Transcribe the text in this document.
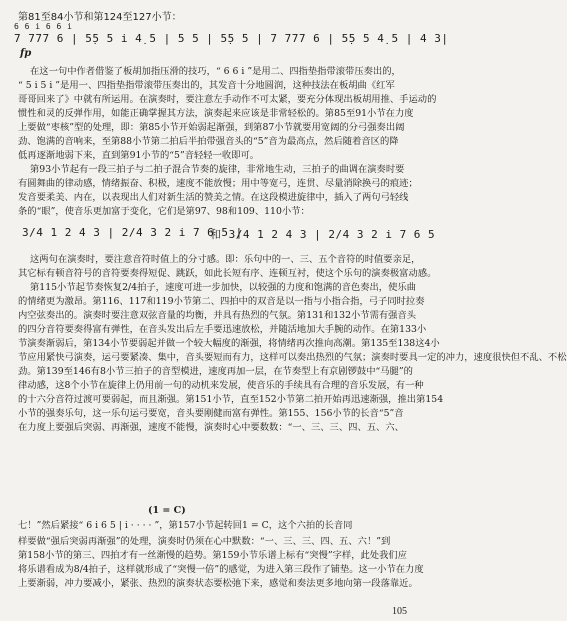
第81至84小节和第124至127小节：
6 6 i 6 6 i
7 777 6 | 5̣5 5 i 4̣ 5 | 5 5 | 5̣5 5 | 7 777 6 | 5̣5 5 4̣ 5 | 4 3|
fp
在这一句中作者借鉴了板胡加指压滑的技巧，“ 6 6 i ”是用二、四指垫指带滚带压奏出的，
“ 5 i 5 i ”是用一、四指垫指带滚带压奏出的，其发音十分地圆润，这种技法在板胡曲《红军
哥哥回来了》中就有所运用。在演奏时，要注意左手动作不可太紧，要充分体现出板胡用推、手运动的
惯性和灵的反弹作用，如能正确掌握其方法，演奏起来应该是非常轻松的。第85至91小节在力度
上要做“枣核”型的处理，即：第85小节开始弱起渐强，到第87小节就要用宽阔的分弓强奏出阔
劲、饱满的音响来，至第88小节第二拍后半拍带强音头的“5”音为最高点，然后随着音区的降
低再逐渐地弱下来，直到第91小节的“5”音轻轻一收即可。
第93小节起有一段三拍子与二拍子混合节奏的旋律，非常地生动，三拍子的曲调在演奏时要
有圆舞曲的律动感，情绪振奋、积极，速度不能放慢；用中等宽弓，连贯、尽量消除换弓的痕迹；
发音要柔美、内在，以表现出人们对新生活的赞美之情。在这段模进旋律中，插入了两句弓轻线
条的“眼”，使音乐更加富于变化，它们是第97、98和109、110小节：
3/4 1 2 4 3 | 2/4 3 2 i 7 6 5 |
和 3/4 1 2 4 3 | 2/4 3 2 i 7 6 5
这两句在演奏时，要注意音符时值上的分寸感。即：乐句中的一、三、五个音符的时值要亲足，
其它标有顿音符号的音符要奏得短促、跳跃，如此长短有序、连顿互衬，使这个乐句的演奏极富动感。
第115小节起节奏恢复2/4拍子，速度可进一步加快，以较强的力度和饱满的音色奏出，使乐曲
的情绪更为激昂。第116、117和119小节第二、四拍中的双音是以一指与小指合指，弓子同时拉奏
内空弦奏出的。演奏时要注意双弦音量的均衡，并具有热烈的气氛。第131和132小节需有强音头
的四分音符要奏得富有弹性，在音头发出后左手要迅速放松，并随活地加大手腕的动作。在第133小
节演奏渐弱后，第134小节要弱起并做一个较大幅度的渐强，将情绪再次推向高潮。第135至138这4小
节应用紧快弓演奏，运弓要紧凑、集中，音头要短而有力，这样可以奏出热烈的气氛；演奏时要具一定的冲力，速度很快但不乱、不松
劲。第139至146有8小节三拍子的音型模进，速度再加一层，在节奏型上有京剧锣鼓中“马腿”的
律动感，这8个小节在旋律上仍用前一句的动机来发展，使音乐的手续具有合理的音乐发展，有一种
的十六分音符过渡可要弱起，而且渐强。第151小节，直至152小节第二拍开始再迅速渐强，推出第154
小节的强奏乐句，这一乐句运弓要宽，音头要刚健而富有弹性。第155、156小节的长音“5”音
在力度上要强后突弱、再渐强，速度不能慢，演奏时心中要数数：“一、三、三、四、五、六、
(1 = C)
七！”然后紧接“ 6 i 6 5 | i · · · · ”，第157小节起转回1 = C，这个六拍的长音同
样要做“强后突弱再渐强”的处理，演奏时仍须在心中默数：“一、三、三、四、五、六！”到
第158小节的第三、四拍才有一丝渐慢的趋势。第159小节乐谱上标有“突慢”字样，此处我们应
将乐谱看成为8/4拍子，这样就形成了“突慢一倍”的感觉，为进入第三段作了铺垫。这一小节在力度
上要渐弱，冲力要减小，紧张、热烈的演奏状态要松弛下来，感觉和奏法更多地向第一段落靠近。
105
